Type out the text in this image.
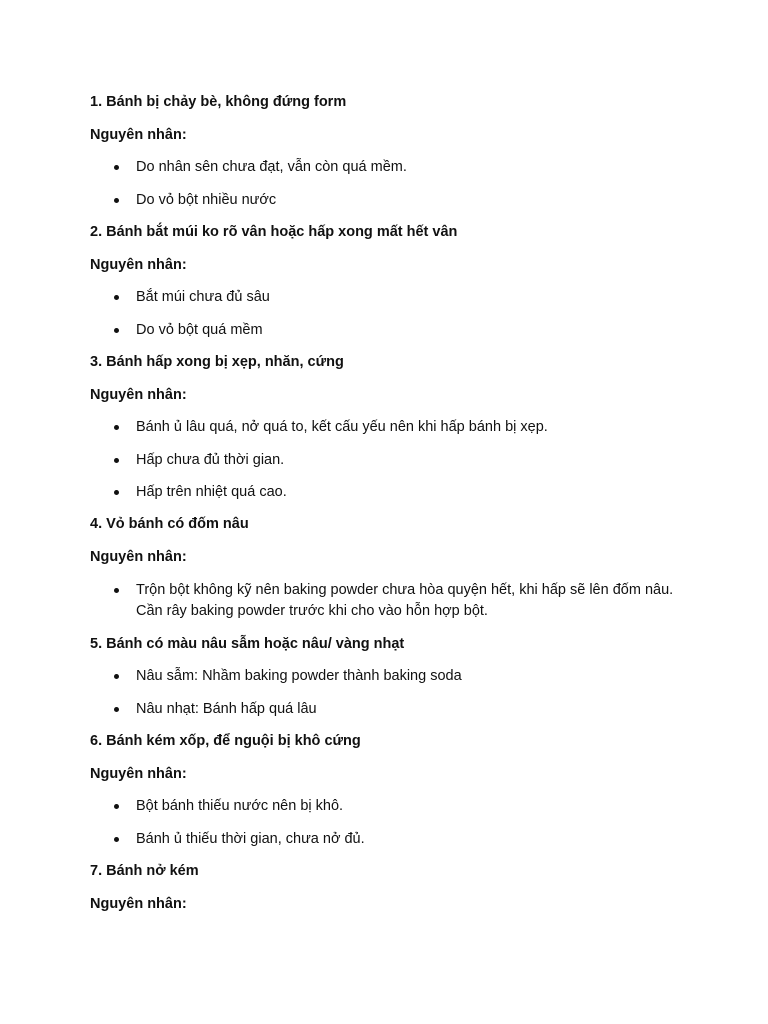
1. Bánh bị chảy bè, không đứng form
Nguyên nhân:
Do nhân sên chưa đạt, vẫn còn quá mềm.
Do vỏ bột nhiều nước
2. Bánh bắt múi ko rõ vân hoặc hấp xong mất hết vân
Nguyên nhân:
Bắt múi chưa đủ sâu
Do vỏ bột quá mềm
3. Bánh hấp xong bị xẹp, nhăn, cứng
Nguyên nhân:
Bánh ủ lâu quá, nở quá to, kết cấu yếu nên khi hấp bánh bị xẹp.
Hấp chưa đủ thời gian.
Hấp trên nhiệt quá cao.
4. Vỏ bánh có đốm nâu
Nguyên nhân:
Trộn bột không kỹ nên baking powder chưa hòa quyện hết, khi hấp sẽ lên đốm nâu. Cần rây baking powder trước khi cho vào hỗn hợp bột.
5. Bánh có màu nâu sẫm hoặc nâu/ vàng nhạt
Nâu sẫm: Nhầm baking powder thành baking soda
Nâu nhạt: Bánh hấp quá lâu
6. Bánh kém xốp, để nguội bị khô cứng
Nguyên nhân:
Bột bánh thiếu nước nên bị khô.
Bánh ủ thiếu thời gian, chưa nở đủ.
7. Bánh nở kém
Nguyên nhân:
